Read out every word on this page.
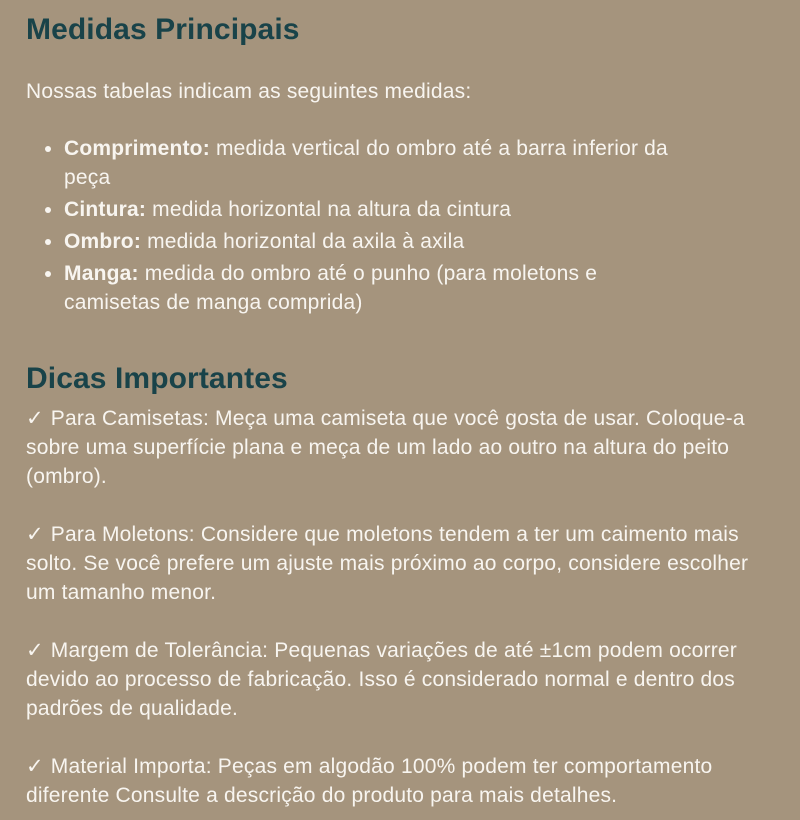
Medidas Principais

Nossas tabelas indicam as seguintes medidas:

• Comprimento: medida vertical do ombro até a barra inferior da
peça
• Cintura: medida horizontal na altura da cintura
• Ombro: medida horizontal da axila à axila
• Manga: medida do ombro até o punho (para moletons e
camisetas de manga comprida)
Dicas Importantes
✓ Para Camisetas: Meça uma camiseta que você gosta de usar. Coloque-a
sobre uma superfície plana e meça de um lado ao outro na altura do peito
(ombro).
✓ Para Moletons: Considere que moletons tendem a ter um caimento mais
solto. Se você prefere um ajuste mais próximo ao corpo, considere escolher
um tamanho menor.
✓ Margem de Tolerância: Pequenas variações de até ±1cm podem ocorrer
devido ao processo de fabricação. Isso é considerado normal e dentro dos
padrões de qualidade.
✓ Material Importa: Peças em algodão 100% podem ter comportamento
diferente Consulte a descrição do produto para mais detalhes.
